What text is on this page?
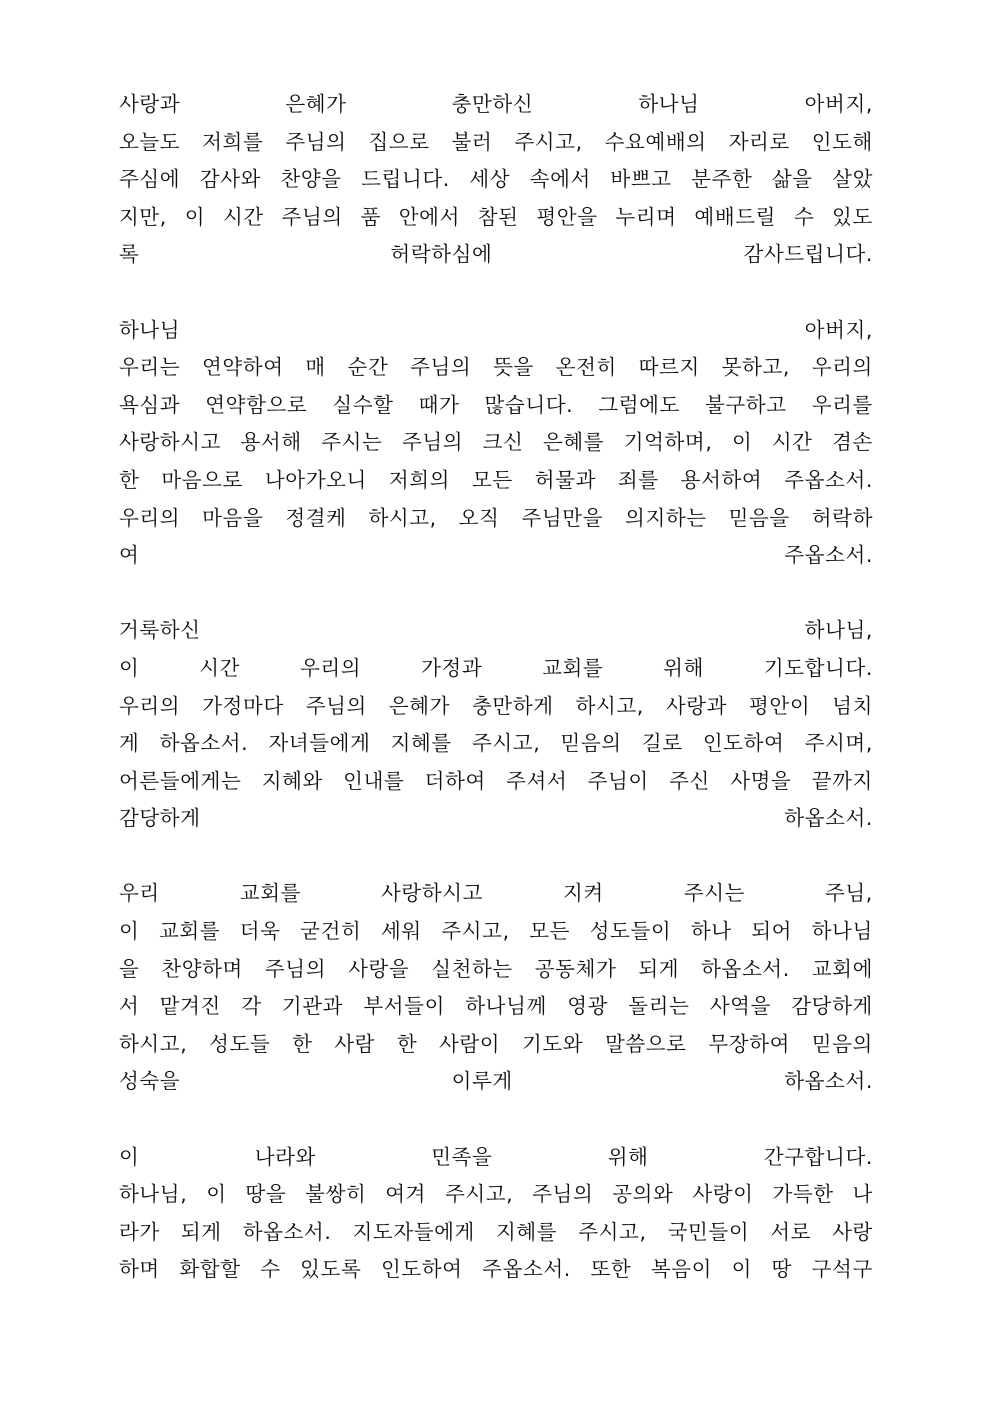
사랑과	은혜가	충만하신	하나님	아버지,
오늘도 저희를 주님의 집으로 불러 주시고, 수요예배의 자리로 인도해
주심에 감사와 찬양을 드립니다. 세상 속에서 바쁘고 분주한 삶을 살았
지만, 이 시간 주님의 품 안에서 참된 평안을 누리며 예배드릴 수 있도
록	허락하심에	감사드립니다.
하나님	아버지,
우리는 연약하여 매 순간 주님의 뜻을 온전히 따르지 못하고, 우리의
욕심과 연약함으로 실수할 때가 많습니다. 그럼에도 불구하고 우리를
사랑하시고 용서해 주시는 주님의 크신 은혜를 기억하며, 이 시간 겸손
한 마음으로 나아가오니 저희의 모든 허물과 죄를 용서하여 주옵소서.
우리의 마음을 정결케 하시고, 오직 주님만을 의지하는 믿음을 허락하
여	주옵소서.
거룩하신	하나님,
이	시간	우리의	가정과	교회를	위해	기도합니다.
우리의 가정마다 주님의 은혜가 충만하게 하시고, 사랑과 평안이 넘치
게 하옵소서. 자녀들에게 지혜를 주시고, 믿음의 길로 인도하여 주시며,
어른들에게는 지혜와 인내를 더하여 주셔서 주님이 주신 사명을 끝까지
감당하게	하옵소서.
우리	교회를	사랑하시고	지켜	주시는	주님,
이 교회를 더욱 굳건히 세워 주시고, 모든 성도들이 하나 되어 하나님
을 찬양하며 주님의 사랑을 실천하는 공동체가 되게 하옵소서. 교회에
서 맡겨진 각 기관과 부서들이 하나님께 영광 돌리는 사역을 감당하게
하시고, 성도들 한 사람 한 사람이 기도와 말씀으로 무장하여 믿음의
성숙을	이루게	하옵소서.
이	나라와	민족을	위해	간구합니다.
하나님, 이 땅을 불쌍히 여겨 주시고, 주님의 공의와 사랑이 가득한 나
라가 되게 하옵소서. 지도자들에게 지혜를 주시고, 국민들이 서로 사랑
하며 화합할 수 있도록 인도하여 주옵소서. 또한 복음이 이 땅 구석구
